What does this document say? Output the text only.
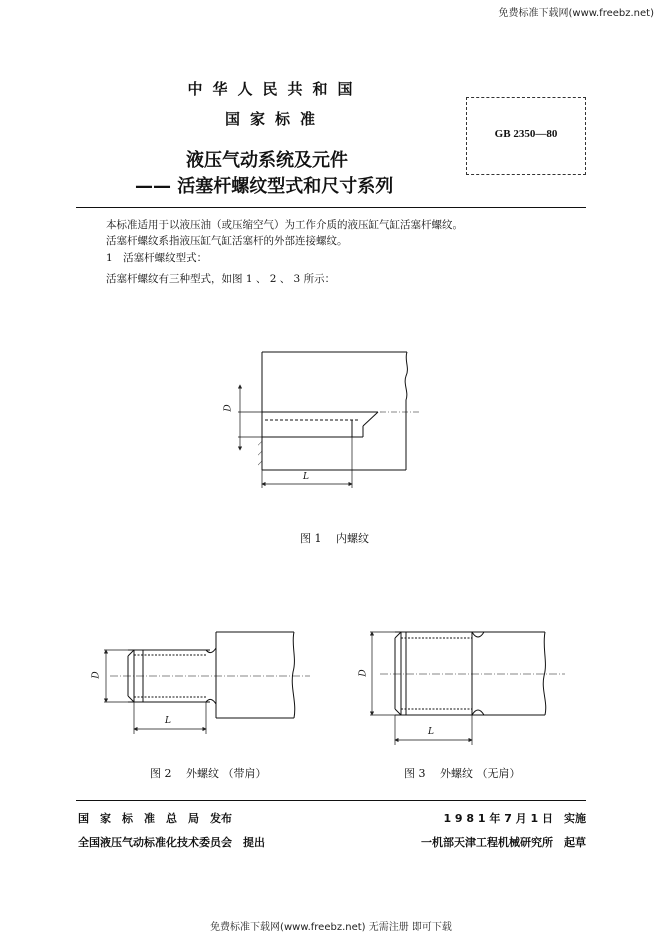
免费标准下载网(www.freebz.net)
中华人民共和国
国家标准
液压气动系统及元件
—— 活塞杆螺纹型式和尺寸系列
GB 2350—80
本标准适用于以液压油（或压缩空气）为工作介质的液压缸气缸活塞杆螺纹。
活塞杆螺纹系指液压缸气缸活塞杆的外部连接螺纹。
1　活塞杆螺纹型式：
活塞杆螺纹有三种型式，如图 1 、 2 、 3 所示：
D
L
D
L
D
L
图 1　 内螺纹
图 2　 外螺纹 （带肩）	图 3　 外螺纹 （无肩）
国　家　标　准　总　局　发布
全国液压气动标准化技术委员会　提出
1 9 8 1 年 7 月 1 日　实施
一机部天津工程机械研究所　起草
免费标准下载网(www.freebz.net) 无需注册 即可下载
